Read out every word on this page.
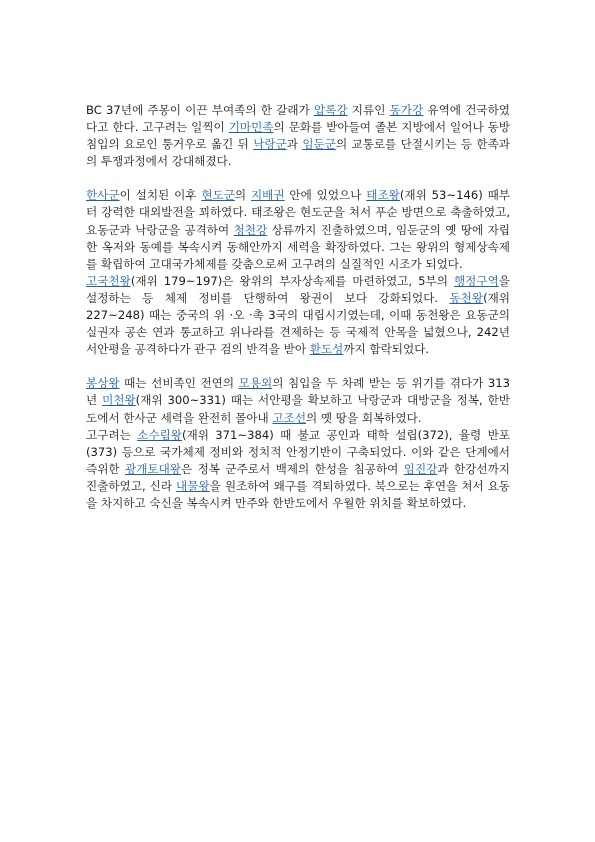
BC 37년에 주몽이 이끈 부여족의 한 갈래가 압록강 지류인 동가강 유역에 건국하였다고 한다. 고구려는 일찍이 기마민족의 문화를 받아들여 졸본 지방에서 일어나 동방 침입의 요로인 퉁거우로 옮긴 뒤 낙랑군과 임둔군의 교통로를 단절시키는 등 한족과의 투쟁과정에서 강대해졌다.

한사군이 설치된 이후 현도군의 지배권 안에 있었으나 태조왕(재위 53~146) 때부터 강력한 대외발전을 꾀하였다. 태조왕은 현도군을 쳐서 푸순 방면으로 축출하였고, 요동군과 낙랑군을 공격하여 청천강 상류까지 진출하였으며, 임둔군의 옛 땅에 자립한 옥저와 동예를 복속시켜 동해안까지 세력을 확장하였다. 그는 왕위의 형제상속제를 확립하여 고대국가체제를 갖춤으로써 고구려의 실질적인 시조가 되었다.

고국천왕(재위 179~197)은 왕위의 부자상속제를 마련하였고, 5부의 행정구역을 설정하는 등 체제 정비를 단행하여 왕권이 보다 강화되었다. 동천왕(재위 227~248) 때는 중국의 위 ·오 ·촉 3국의 대립시기였는데, 이때 동천왕은 요동군의 실권자 공손 연과 통교하고 위나라를 견제하는 등 국제적 안목을 넓혔으나, 242년 서안평을 공격하다가 관구 검의 반격을 받아 환도성까지 함락되었다.

봉상왕 때는 선비족인 전연의 모용외의 침입을 두 차례 받는 등 위기를 겪다가 313년 미천왕(재위 300~331) 때는 서안평을 확보하고 낙랑군과 대방군을 정복, 한반도에서 한사군 세력을 완전히 몰아내 고조선의 옛 땅을 회복하였다.

고구려는 소수림왕(재위 371~384) 때 불교 공인과 태학 설립(372), 율령 반포(373) 등으로 국가체제 정비와 정치적 안정기반이 구축되었다. 이와 같은 단계에서 즉위한 광개토대왕은 정복 군주로서 백제의 한성을 침공하여 임진강과 한강선까지 진출하였고, 신라 내물왕을 원조하여 왜구를 격퇴하였다. 북으로는 후연을 쳐서 요동을 차지하고 숙신을 복속시켜 만주와 한반도에서 우월한 위치를 확보하였다.
